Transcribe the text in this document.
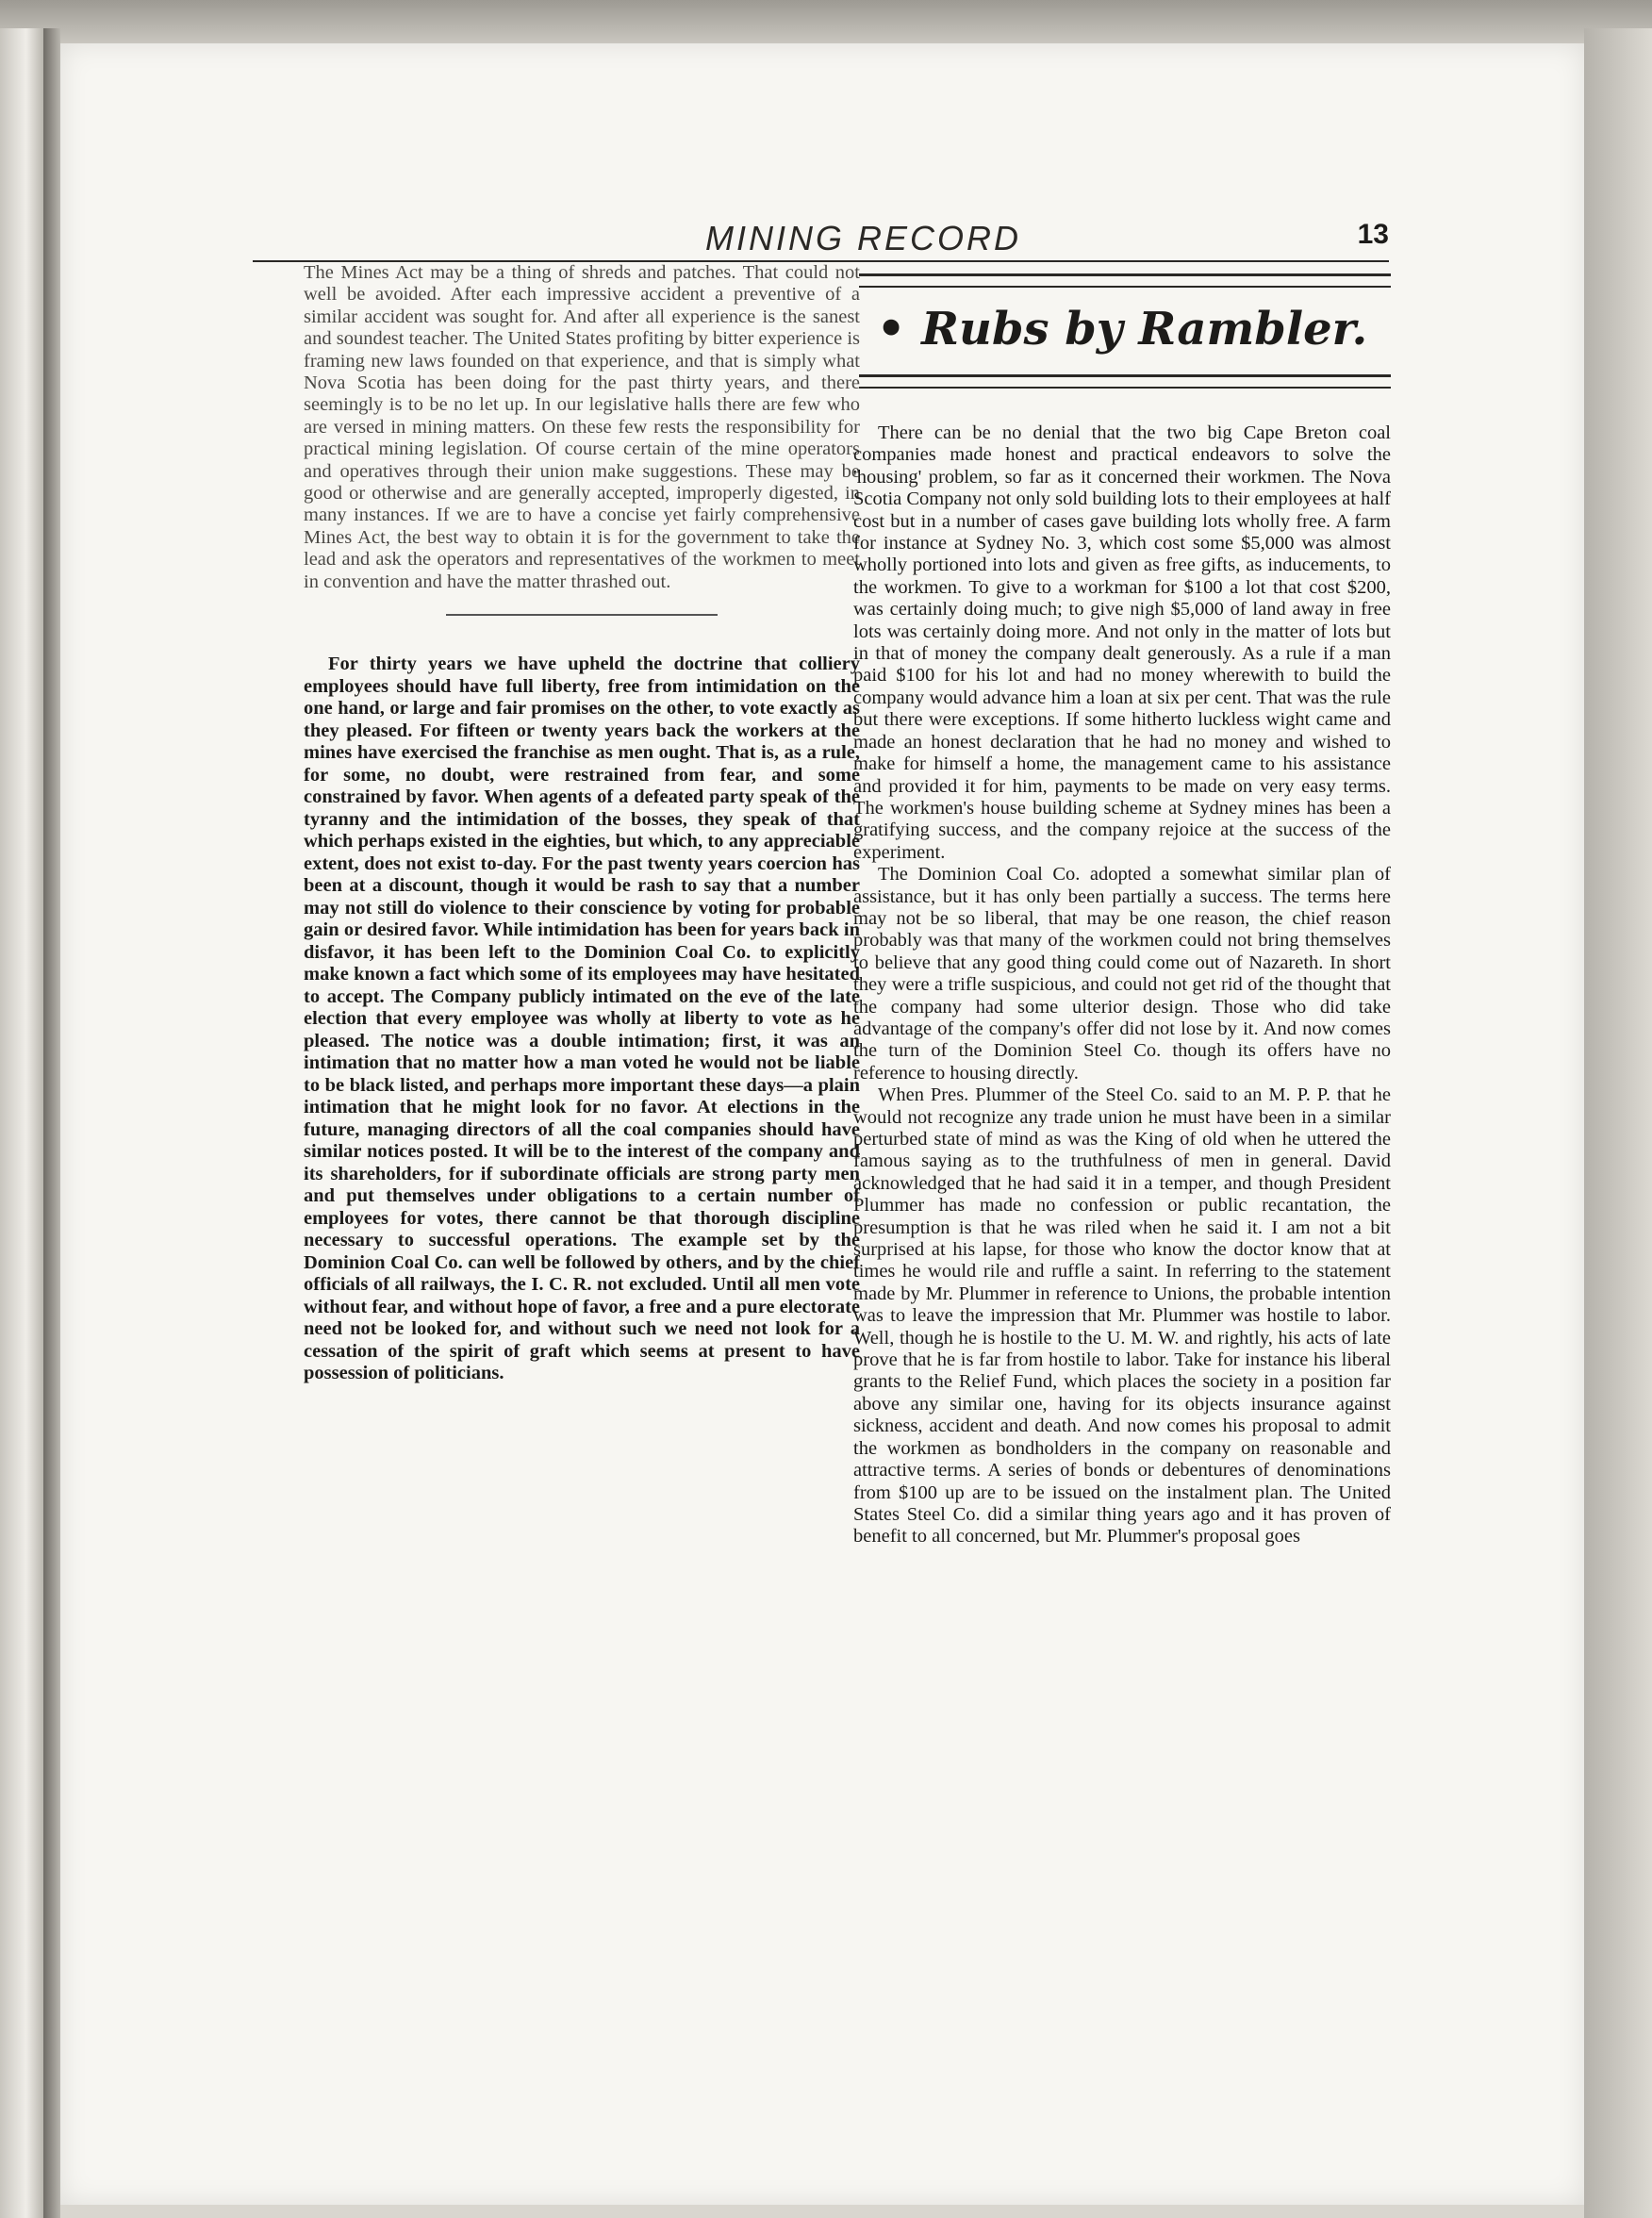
MINING RECORD	13

The Mines Act may be a thing of shreds and patches. That could not well be avoided. After each impressive accident a preventive of a similar accident was sought for. And after all experience is the sanest and soundest teacher. The United States profiting by bitter experience is framing new laws founded on that experience, and that is simply what Nova Scotia has been doing for the past thirty years, and there seemingly is to be no let up. In our legislative halls there are few who are versed in mining matters. On these few rests the responsibility for practical mining legislation. Of course certain of the mine operators and operatives through their union make suggestions. These may be good or otherwise and are generally accepted, improperly digested, in many instances. If we are to have a concise yet fairly comprehensive Mines Act, the best way to obtain it is for the government to take the lead and ask the operators and representatives of the workmen to meet in convention and have the matter thrashed out.

For thirty years we have upheld the doctrine that colliery employees should have full liberty, free from intimidation on the one hand, or large and fair promises on the other, to vote exactly as they pleased. For fifteen or twenty years back the workers at the mines have exercised the franchise as men ought. That is, as a rule, for some, no doubt, were restrained from fear, and some constrained by favor. When agents of a defeated party speak of the tyranny and the intimidation of the bosses, they speak of that which perhaps existed in the eighties, but which, to any appreciable extent, does not exist to-day. For the past twenty years coercion has been at a discount, though it would be rash to say that a number may not still do violence to their conscience by voting for probable gain or desired favor. While intimidation has been for years back in disfavor, it has been left to the Dominion Coal Co. to explicitly make known a fact which some of its employees may have hesitated to accept. The Company publicly intimated on the eve of the late election that every employee was wholly at liberty to vote as he pleased. The notice was a double intimation; first, it was an intimation that no matter how a man voted he would not be liable to be black listed, and perhaps more important these days—a plain intimation that he might look for no favor. At elections in the future, managing directors of all the coal companies should have similar notices posted. It will be to the interest of the company and its shareholders, for if subordinate officials are strong party men and put themselves under obligations to a certain number of employees for votes, there cannot be that thorough discipline necessary to successful operations. The example set by the Dominion Coal Co. can well be followed by others, and by the chief officials of all railways, the I. C. R. not excluded. Until all men vote without fear, and without hope of favor, a free and a pure electorate need not be looked for, and without such we need not look for a cessation of the spirit of graft which seems at present to have possession of politicians.

• Rubs by Rambler.

There can be no denial that the two big Cape Breton coal companies made honest and practical endeavors to solve the 'housing' problem, so far as it concerned their workmen. The Nova Scotia Company not only sold building lots to their employees at half cost but in a number of cases gave building lots wholly free. A farm for instance at Sydney No. 3, which cost some $5,000 was almost wholly portioned into lots and given as free gifts, as inducements, to the workmen. To give to a workman for $100 a lot that cost $200, was certainly doing much; to give nigh $5,000 of land away in free lots was certainly doing more. And not only in the matter of lots but in that of money the company dealt generously. As a rule if a man paid $100 for his lot and had no money wherewith to build the company would advance him a loan at six per cent. That was the rule but there were exceptions. If some hitherto luckless wight came and made an honest declaration that he had no money and wished to make for himself a home, the management came to his assistance and provided it for him, payments to be made on very easy terms. The workmen's house building scheme at Sydney mines has been a gratifying success, and the company rejoice at the success of the experiment.

The Dominion Coal Co. adopted a somewhat similar plan of assistance, but it has only been partially a success. The terms here may not be so liberal, that may be one reason, the chief reason probably was that many of the workmen could not bring themselves to believe that any good thing could come out of Nazareth. In short they were a trifle suspicious, and could not get rid of the thought that the company had some ulterior design. Those who did take advantage of the company's offer did not lose by it. And now comes the turn of the Dominion Steel Co. though its offers have no reference to housing directly.

When Pres. Plummer of the Steel Co. said to an M. P. P. that he would not recognize any trade union he must have been in a similar perturbed state of mind as was the King of old when he uttered the famous saying as to the truthfulness of men in general. David acknowledged that he had said it in a temper, and though President Plummer has made no confession or public recantation, the presumption is that he was riled when he said it. I am not a bit surprised at his lapse, for those who know the doctor know that at times he would rile and ruffle a saint. In referring to the statement made by Mr. Plummer in reference to Unions, the probable intention was to leave the impression that Mr. Plummer was hostile to labor. Well, though he is hostile to the U. M. W. and rightly, his acts of late prove that he is far from hostile to labor. Take for instance his liberal grants to the Relief Fund, which places the society in a position far above any similar one, having for its objects insurance against sickness, accident and death. And now comes his proposal to admit the workmen as bondholders in the company on reasonable and attractive terms. A series of bonds or debentures of denominations from $100 up are to be issued on the instalment plan. The United States Steel Co. did a similar thing years ago and it has proven of benefit to all concerned, but Mr. Plummer's proposal goes
